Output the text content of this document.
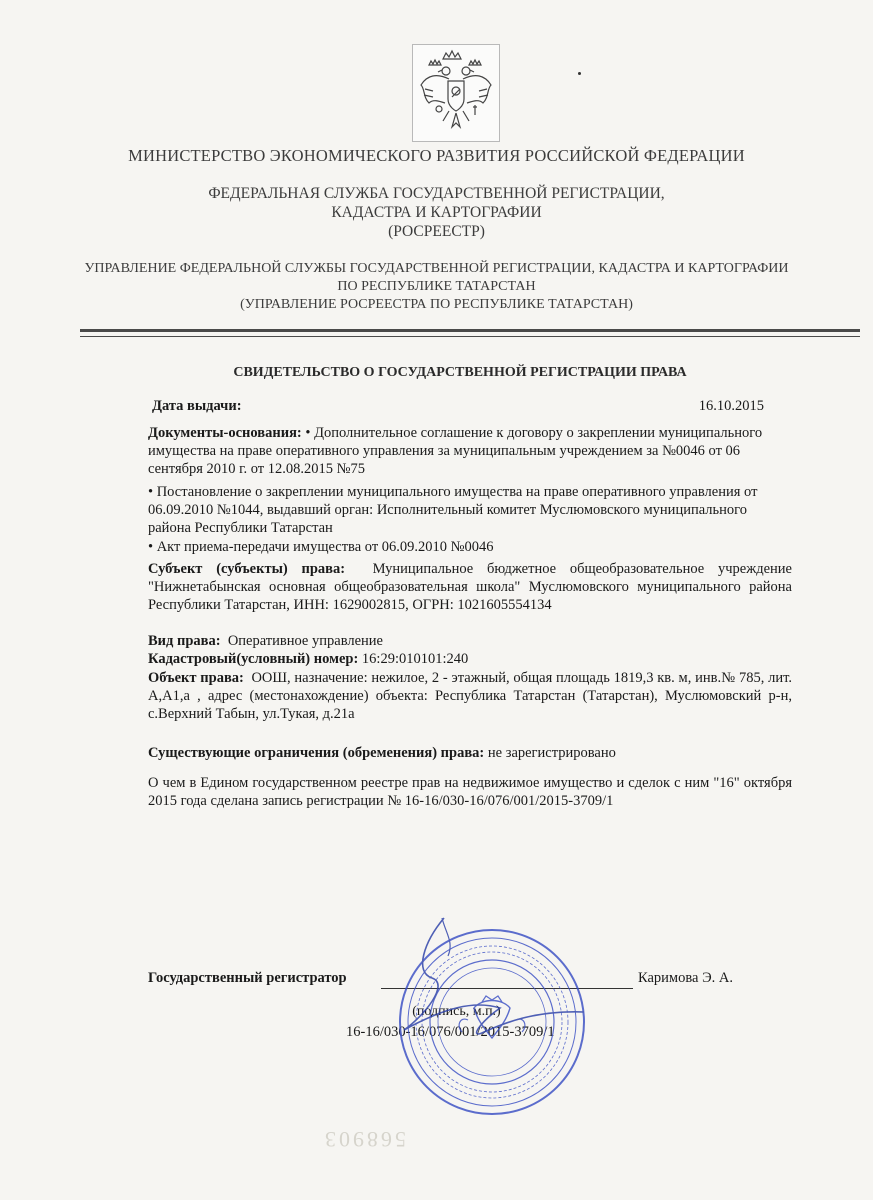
МИНИСТЕРСТВО ЭКОНОМИЧЕСКОГО РАЗВИТИЯ РОССИЙСКОЙ ФЕДЕРАЦИИ
ФЕДЕРАЛЬНАЯ СЛУЖБА ГОСУДАРСТВЕННОЙ РЕГИСТРАЦИИ,
КАДАСТРА И КАРТОГРАФИИ
(РОСРЕЕСТР)
УПРАВЛЕНИЕ ФЕДЕРАЛЬНОЙ СЛУЖБЫ ГОСУДАРСТВЕННОЙ РЕГИСТРАЦИИ, КАДАСТРА И КАРТОГРАФИИ
ПО РЕСПУБЛИКЕ ТАТАРСТАН
(УПРАВЛЕНИЕ РОСРЕЕСТРА ПО РЕСПУБЛИКЕ ТАТАРСТАН)
СВИДЕТЕЛЬСТВО О ГОСУДАРСТВЕННОЙ РЕГИСТРАЦИИ ПРАВА
Дата выдачи:	16.10.2015
Документы-основания: • Дополнительное соглашение к договору о закреплении муниципального имущества на праве оперативного управления за муниципальным учреждением за №0046 от 06 сентября 2010 г. от 12.08.2015 №75
• Постановление о закреплении муниципального имущества на праве оперативного управления от 06.09.2010 №1044, выдавший орган: Исполнительный комитет Муслюмовского муниципального района Республики Татарстан
• Акт приема-передачи имущества от 06.09.2010 №0046
Субъект (субъекты) права: Муниципальное бюджетное общеобразовательное учреждение "Нижнетабынская основная общеобразовательная школа" Муслюмовского муниципального района Республики Татарстан, ИНН: 1629002815, ОГРН: 1021605554134
Вид права: Оперативное управление
Кадастровый(условный) номер: 16:29:010101:240
Объект права: ООШ, назначение: нежилое, 2 - этажный, общая площадь 1819,3 кв. м, инв.№ 785, лит. А,А1,а , адрес (местонахождение) объекта: Республика Татарстан (Татарстан), Муслюмовский р-н, с.Верхний Табын, ул.Тукая, д.21а
Существующие ограничения (обременения) права: не зарегистрировано
О чем в Едином государственном реестре прав на недвижимое имущество и сделок с ним "16" октября 2015 года сделана запись регистрации № 16-16/030-16/076/001/2015-3709/1
Государственный регистратор	Каримова Э. А.
(подпись, м.п.)
16-16/030-16/076/001/2015-3709/1
568903
